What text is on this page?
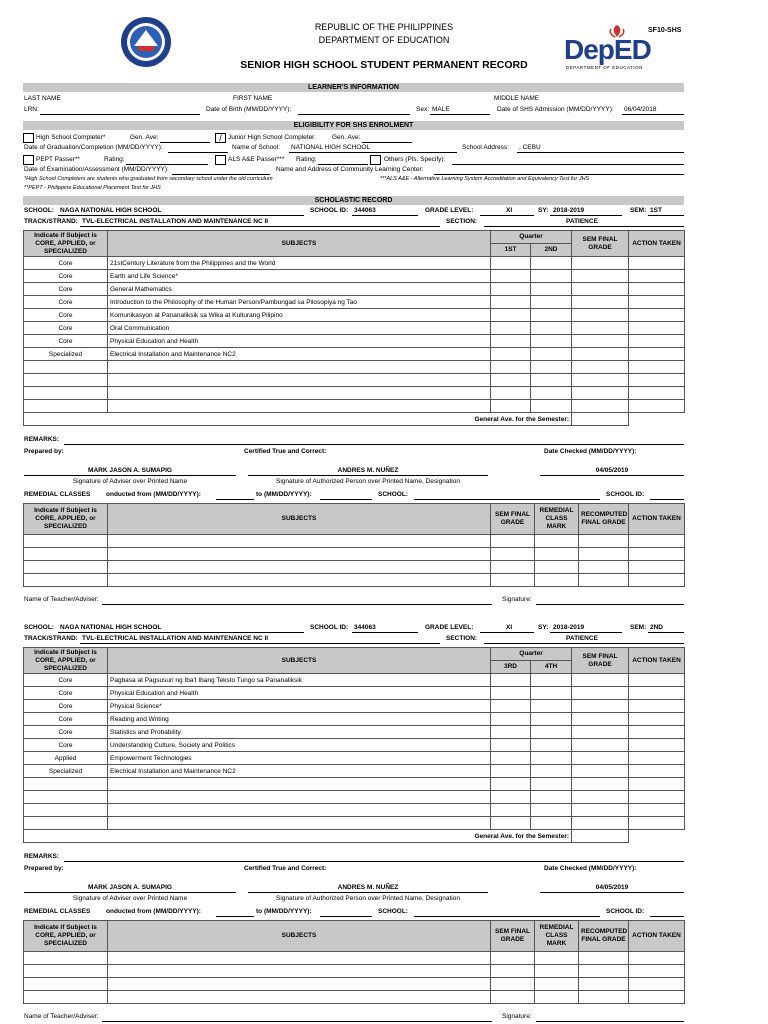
REPUBLIC OF THE PHILIPPINES
DEPARTMENT OF EDUCATION
SENIOR HIGH SCHOOL STUDENT PERMANENT RECORD
SF10-SHS
DepED
DEPARTMENT OF EDUCATION
LEARNER'S INFORMATION
LAST NAME	FIRST NAME	MIDDLE NAME
LRN:	Date of Birth (MM/DD/YYYY):	Sex: MALE	Date of SHS Admission (MM/DD/YYYY): 06/04/2018
ELIGIBILITY FOR SHS ENROLMENT
High School Completer*	Gen. Ave:	/ Junior High School Completer	Gen. Ave:
Date of Graduation/Completion (MM/DD/YYYY):	Name of School: NATIONAL HIGH SCHOOL	School Address: , CEBU
PEPT Passer**	Rating:	ALS A&E Passer*** Rating:	Others (Pls. Specify):
Date of Examination/Assessment (MM/DD/YYYY):	Name and Address of Community Learning Center:
*High School Completers are students who graduated from secondary school under the old curriculum	***ALS A&E - Alternative Learning System Accreditation and Equivalency Test for JHS
**PEPT - Philippine Educational Placement Test for JHS
SCHOLASTIC RECORD
SCHOOL: NAGA NATIONAL HIGH SCHOOL	SCHOOL ID: 344063	GRADE LEVEL:	XI	SY: 2018-2019	SEM: 1ST
TRACK/STRAND: TVL-ELECTRICAL INSTALLATION AND MAINTENANCE NC II	SECTION:	PATIENCE
Indicate if Subject is CORE, APPLIED, or SPECIALIZED	SUBJECTS	Quarter		SEM FINAL GRADE	ACTION TAKEN
		1ST	2ND		
Core	21stCentury Literature from the Philippines and the World				
Core	Earth and Life Science*				
Core	General Mathematics				
Core	Introduction to the Philosophy of the Human Person/Pambungad sa Pilosopiya ng Tao				
Core	Komunikasyon at Pananaliksik sa Wika at Kulturang Pilipino				
Core	Oral Communication				
Core	Physical Education and Health				
Specialized	Electrical Installation and Maintenance NC2				

General Ave. for the Semester:					
REMARKS:
Prepared by:	Certified True and Correct:	Date Checked (MM/DD/YYYY):
MARK JASON A. SUMAPIG	ANDRES M. NUÑEZ	04/05/2019
Signature of Adviser over Printed Name	Signature of Authorized Person over Printed Name, Designation
REMEDIAL CLASSES onducted from (MM/DD/YYYY):	to (MM/DD/YYYY):	SCHOOL:	SCHOOL ID:
Indicate if Subject is CORE, APPLIED, or SPECIALIZED	SUBJECTS	SEM FINAL GRADE	REMEDIAL CLASS MARK	RECOMPUTED FINAL GRADE	ACTION TAKEN

Name of Teacher/Adviser:	Signature:
SCHOOL: NAGA NATIONAL HIGH SCHOOL	SCHOOL ID: 344063	GRADE LEVEL:	XI	SY: 2018-2019	SEM: 2ND
TRACK/STRAND: TVL-ELECTRICAL INSTALLATION AND MAINTENANCE NC II	SECTION:	PATIENCE
Indicate if Subject is CORE, APPLIED, or SPECIALIZED	SUBJECTS	Quarter		SEM FINAL GRADE	ACTION TAKEN
		3RD	4TH		
Core	Pagbasa at Pagsusuri ng Iba't Ibang Teksto Tungo sa Pananaliksik				
Core	Physical Education and Health				
Core	Physical Science*				
Core	Reading and Writing				
Core	Statistics and Probability				
Core	Understanding Culture, Society and Politics				
Applied	Empowerment Technologies				
Specialized	Electrical Installation and Maintenance NC2				

General Ave. for the Semester:					
REMARKS:
Prepared by:	Certified True and Correct:	Date Checked (MM/DD/YYYY):
MARK JASON A. SUMAPIG	ANDRES M. NUÑEZ	04/05/2019
Signature of Adviser over Printed Name	Signature of Authorized Person over Printed Name, Designation
REMEDIAL CLASSES onducted from (MM/DD/YYYY):	to (MM/DD/YYYY):	SCHOOL:	SCHOOL ID:
Indicate if Subject is CORE, APPLIED, or SPECIALIZED	SUBJECTS	SEM FINAL GRADE	REMEDIAL CLASS MARK	RECOMPUTED FINAL GRADE	ACTION TAKEN

Name of Teacher/Adviser:	Signature:
